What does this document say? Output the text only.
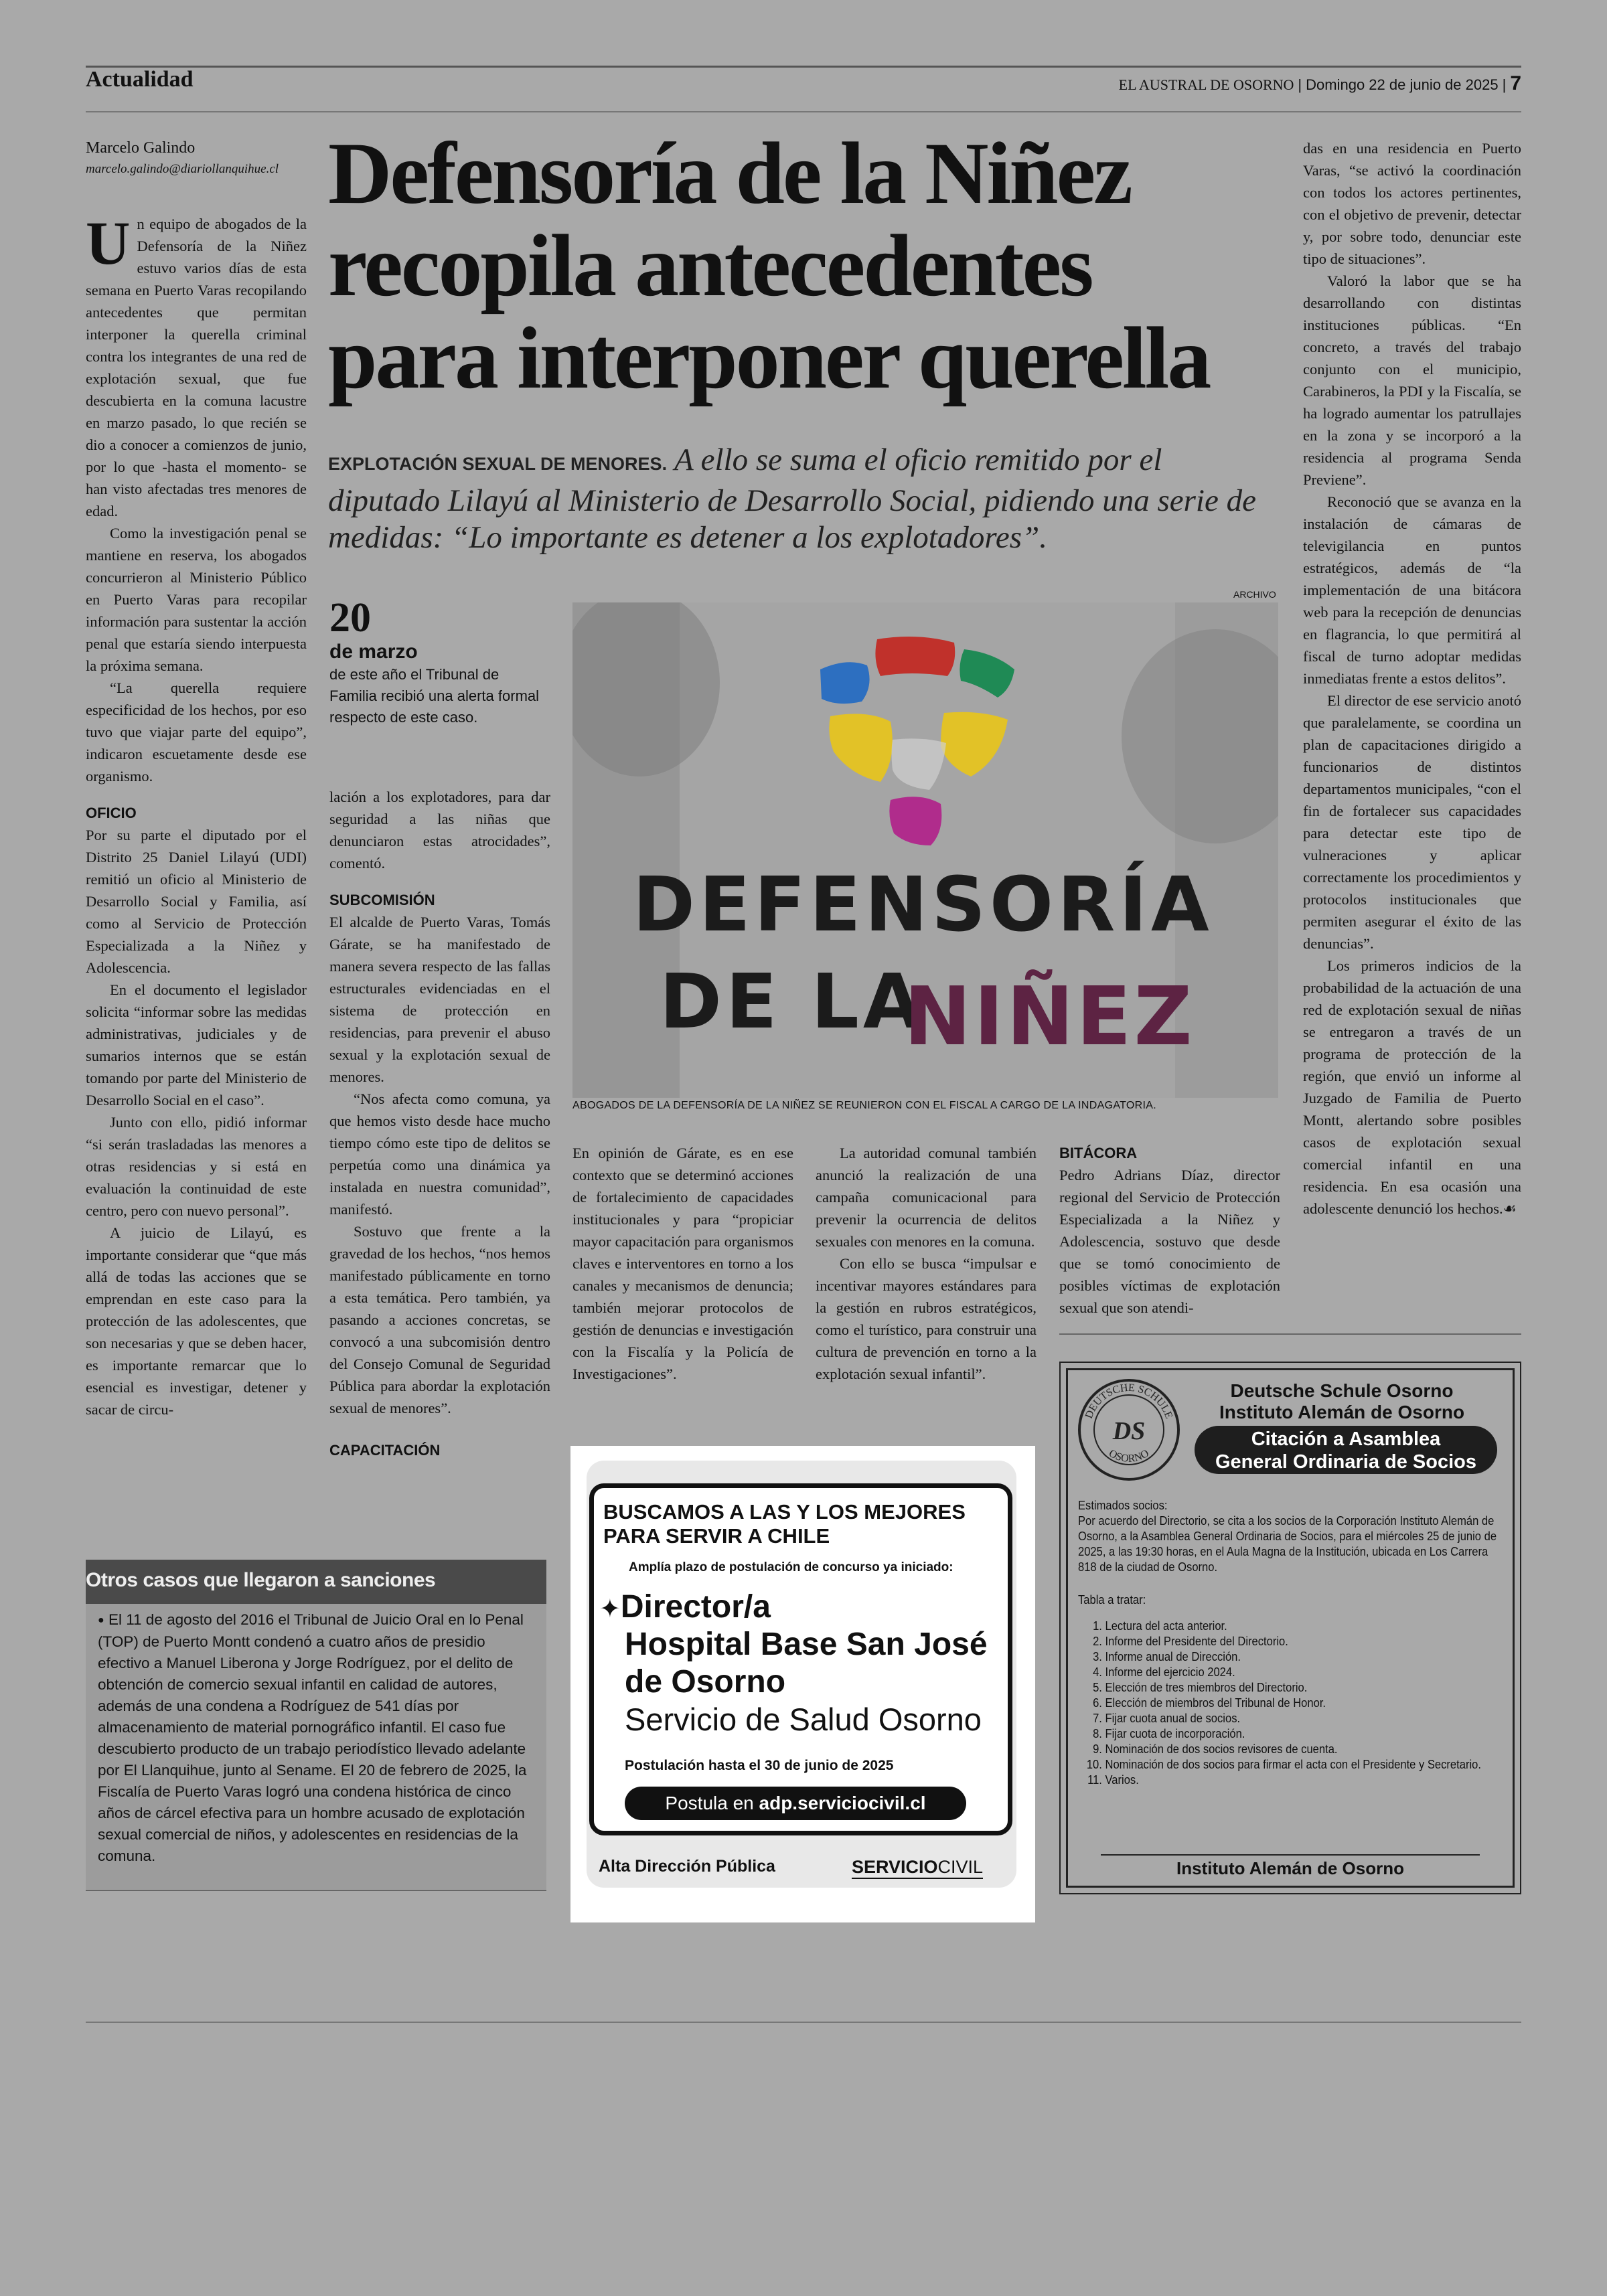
Actualidad	EL AUSTRAL DE OSORNO | Domingo 22 de junio de 2025 | 7
Marcelo Galindo
marcelo.galindo@diariollanquihue.cl Defensoría de la Niñez
recopila antecedentes
para interponer querella
EXPLOTACIÓN SEXUAL DE MENORES. A ello se suma el oficio remitido por el diputado Lilayú al Ministerio de Desarrollo Social, pidiendo una serie de medidas: “Lo importante es detener a los explotadores”.

Un equipo de abogados de la Defensoría de la Niñez estuvo varios días de esta semana en Puerto Varas recopilando antecedentes que permitan interponer la querella criminal contra los integrantes de una red de explotación sexual, que fue descubierta en la comuna lacustre en marzo pasado, lo que recién se dio a conocer a comienzos de junio, por lo que -hasta el momento- se han visto afectadas tres menores de edad.

Como la investigación penal se mantiene en reserva, los abogados concurrieron al Ministerio Público en Puerto Varas para recopilar información para sustentar la acción penal que estaría siendo interpuesta la próxima semana.

“La querella requiere especificidad de los hechos, por eso tuvo que viajar parte del equipo”, indicaron escuetamente desde ese organismo.

OFICIO

Por su parte el diputado por el Distrito 25 Daniel Lilayú (UDI) remitió un oficio al Ministerio de Desarrollo Social y Familia, así como al Servicio de Protección Especializada a la Niñez y Adolescencia.

En el documento el legislador solicita “informar sobre las medidas administrativas, judiciales y de sumarios internos que se están tomando por parte del Ministerio de Desarrollo Social en el caso”.

Junto con ello, pidió informar “si serán trasladadas las menores a otras residencias y si está en evaluación la continuidad de este centro, pero con nuevo personal”.

A juicio de Lilayú, es importante considerar que “que más allá de todas las acciones que se emprendan en este caso para la protección de las adolescentes, que son necesarias y que se deben hacer, es importante remarcar que lo esencial es investigar, detener y sacar de circu-

20
de marzo
de este año el Tribunal de Familia recibió una alerta formal respecto de este caso.

lación a los explotadores, para dar seguridad a las niñas que denunciaron estas atrocidades”, comentó.

SUBCOMISIÓN

El alcalde de Puerto Varas, Tomás Gárate, se ha manifestado de manera severa respecto de las fallas estructurales evidenciadas en el sistema de protección en residencias, para prevenir el abuso sexual y la explotación sexual de menores.

“Nos afecta como comuna, ya que hemos visto desde hace mucho tiempo cómo este tipo de delitos se perpetúa como una dinámica ya instalada en nuestra comunidad”, manifestó.

Sostuvo que frente a la gravedad de los hechos, “nos hemos manifestado públicamente en torno a esta temática. Pero también, ya pasando a acciones concretas, se convocó a una subcomisión dentro del Consejo Comunal de Seguridad Pública para abordar la explotación sexual de menores”.

CAPACITACIÓN
ARCHIVO
DEFENSORÍA
DE LA
NIÑEZ
ABOGADOS DE LA DEFENSORÍA DE LA NIÑEZ SE REUNIERON CON EL FISCAL A CARGO DE LA INDAGATORIA.

En opinión de Gárate, es en ese contexto que se determinó acciones de fortalecimiento de capacidades institucionales y para “propiciar mayor capacitación para organismos claves e interventores en torno a los canales y mecanismos de denuncia; también mejorar protocolos de gestión de denuncias e investigación con la Fiscalía y la Policía de Investigaciones”.

La autoridad comunal también anunció la realización de una campaña comunicacional para prevenir la ocurrencia de delitos sexuales con menores en la comuna.

Con ello se busca “impulsar e incentivar mayores estándares para la gestión en rubros estratégicos, como el turístico, para construir una cultura de prevención en torno a la explotación sexual infantil”.

BITÁCORA

Pedro Adrians Díaz, director regional del Servicio de Protección Especializada a la Niñez y Adolescencia, sostuvo que desde que se tomó conocimiento de posibles víctimas de explotación sexual que son atendi-

das en una residencia en Puerto Varas, “se activó la coordinación con todos los actores pertinentes, con el objetivo de prevenir, detectar y, por sobre todo, denunciar este tipo de situaciones”.

Valoró la labor que se ha desarrollando con distintas instituciones públicas. “En concreto, a través del trabajo conjunto con el municipio, Carabineros, la PDI y la Fiscalía, se ha logrado aumentar los patrullajes en la zona y se incorporó a la residencia al programa Senda Previene”.

Reconoció que se avanza en la instalación de cámaras de televigilancia en puntos estratégicos, además de “la implementación de una bitácora web para la recepción de denuncias en flagrancia, lo que permitirá al fiscal de turno adoptar medidas inmediatas frente a estos delitos”.

El director de ese servicio anotó que paralelamente, se coordina un plan de capacitaciones dirigido a funcionarios de distintos departamentos municipales, “con el fin de fortalecer sus capacidades para detectar este tipo de vulneraciones y aplicar correctamente los procedimientos y protocolos institucionales que permiten asegurar el éxito de las denuncias”.

Los primeros indicios de la probabilidad de la actuación de una red de explotación sexual de niñas se entregaron a través de un programa de protección de la región, que envió un informe al Juzgado de Familia de Puerto Montt, alertando sobre posibles casos de explotación sexual comercial infantil en una residencia. En esa ocasión una adolescente denunció los hechos.☙

Otros casos que llegaron a sanciones
● El 11 de agosto del 2016 el Tribunal de Juicio Oral en lo Penal (TOP) de Puerto Montt condenó a cuatro años de presidio efectivo a Manuel Liberona y Jorge Rodríguez, por el delito de obtención de comercio sexual infantil en calidad de autores, además de una condena a Rodríguez de 541 días por almacenamiento de material pornográfico infantil. El caso fue descubierto producto de un trabajo periodístico llevado adelante por El Llanquihue, junto al Sename. El 20 de febrero de 2025, la Fiscalía de Puerto Varas logró una condena histórica de cinco años de cárcel efectiva para un hombre acusado de explotación sexual comercial de niños, y adolescentes en residencias de la comuna.
BUSCAMOS A LAS Y LOS MEJORES PARA SERVIR A CHILE
Amplía plazo de postulación de concurso ya iniciado:
✦Director/a
Hospital Base San José
de Osorno
Servicio de Salud Osorno
Postulación hasta el 30 de junio de 2025
Postula en adp.serviciocivil.cl
Alta Dirección Pública	SERVICIOCIVIL
DEUTSCHE SCHULE
OSORNO
DS
Deutsche Schule Osorno
Instituto Alemán de Osorno
Citación a Asamblea
General Ordinaria de Socios
Estimados socios:
Por acuerdo del Directorio, se cita a los socios de la Corporación Instituto Alemán de Osorno, a la Asamblea General Ordinaria de Socios, para el miércoles 25 de junio de 2025, a las 19:30 horas, en el Aula Magna de la Institución, ubicada en Los Carrera 818 de la ciudad de Osorno.
Tabla a tratar:
1. Lectura del acta anterior.
2. Informe del Presidente del Directorio.
3. Informe anual de Dirección.
4. Informe del ejercicio 2024.
5. Elección de tres miembros del Directorio.
6. Elección de miembros del Tribunal de Honor.
7. Fijar cuota anual de socios.
8. Fijar cuota de incorporación.
9. Nominación de dos socios revisores de cuenta.
10. Nominación de dos socios para firmar el acta con el Presidente y Secretario.
11. Varios.
Instituto Alemán de Osorno
